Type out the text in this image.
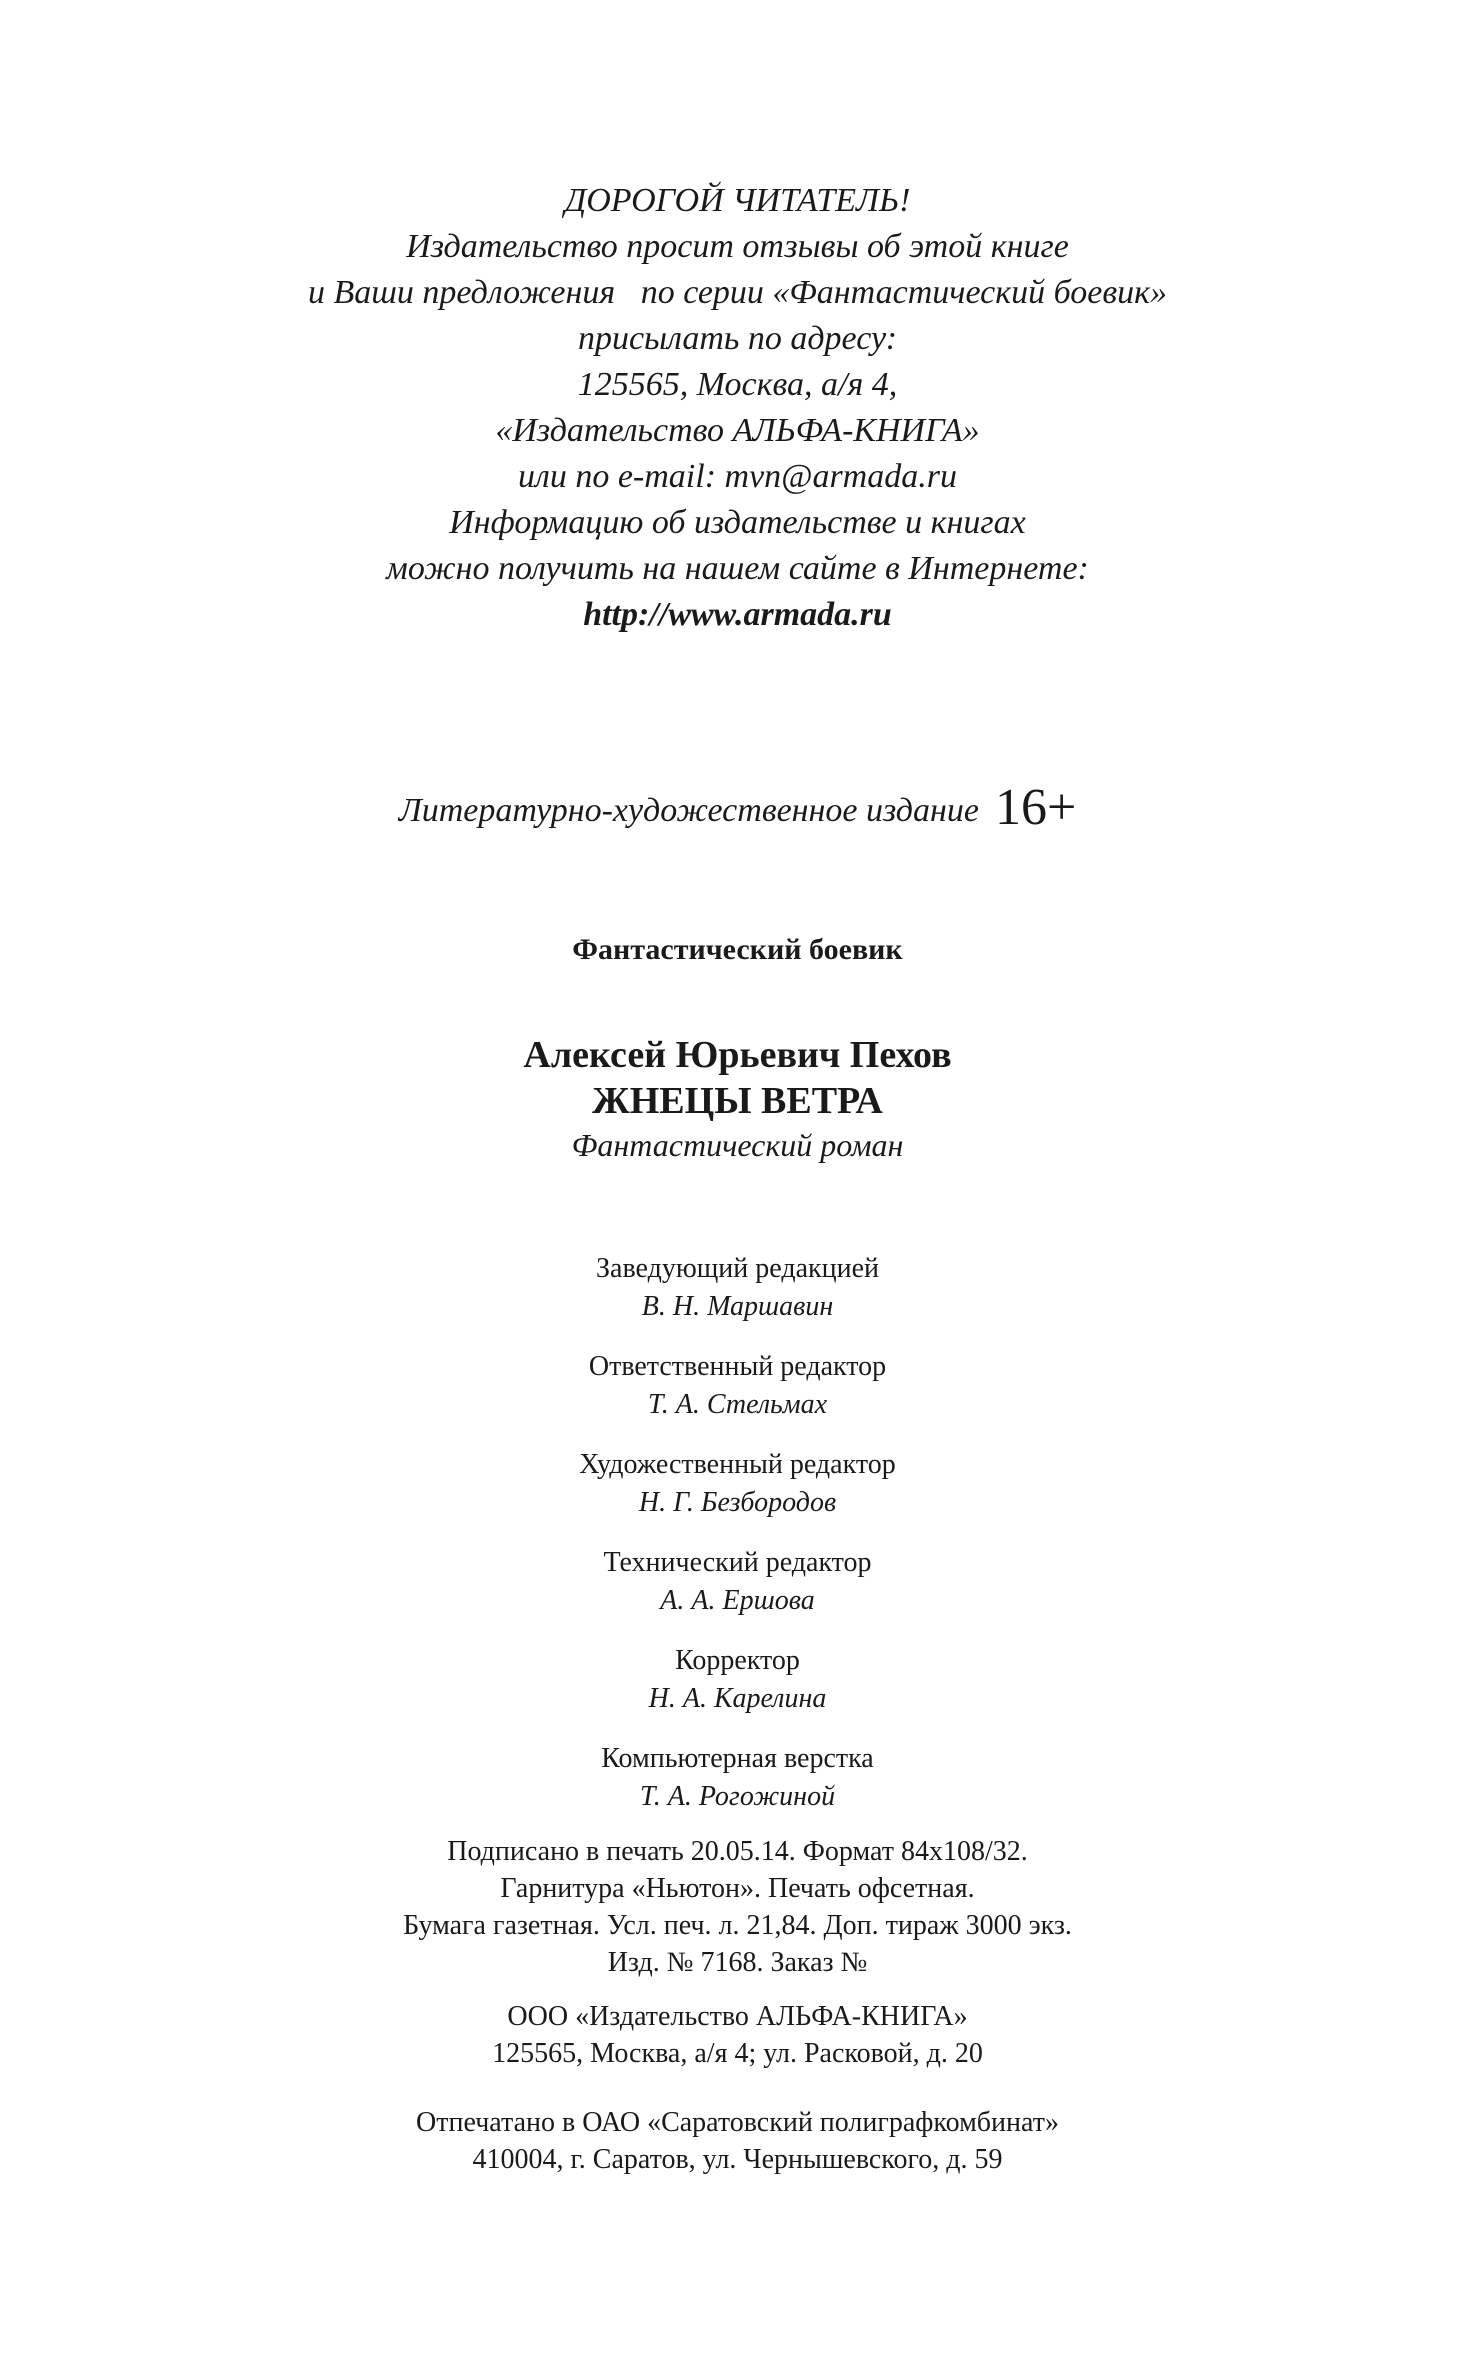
ДОРОГОЙ ЧИТАТЕЛЬ!
Издательство просит отзывы об этой книге
и Ваши предложения   по серии «Фантастический боевик»
присылать по адресу:
125565, Москва, а/я 4,
«Издательство АЛЬФА-КНИГА»
или по e-mail: mvn@armada.ru
Информацию об издательстве и книгах
можно получить на нашем сайте в Интернете:
http://www.armada.ru
Литературно-художественное издание 16+
Фантастический боевик
Алексей Юрьевич Пехов
ЖНЕЦЫ ВЕТРА
Фантастический роман
Заведующий редакцией
В. Н. Маршавин
Ответственный редактор
Т. А. Стельмах
Художественный редактор
Н. Г. Безбородов
Технический редактор
А. А. Ершова
Корректор
Н. А. Карелина
Компьютерная верстка
Т. А. Рогожиной
Подписано в печать 20.05.14. Формат 84x108/32.
Гарнитура «Ньютон». Печать офсетная.
Бумага газетная. Усл. печ. л. 21,84. Доп. тираж 3000 экз.
Изд. № 7168. Заказ №
ООО «Издательство АЛЬФА-КНИГА»
125565, Москва, а/я 4; ул. Расковой, д. 20
Отпечатано в ОАО «Саратовский полиграфкомбинат»
410004, г. Саратов, ул. Чернышевского, д. 59
